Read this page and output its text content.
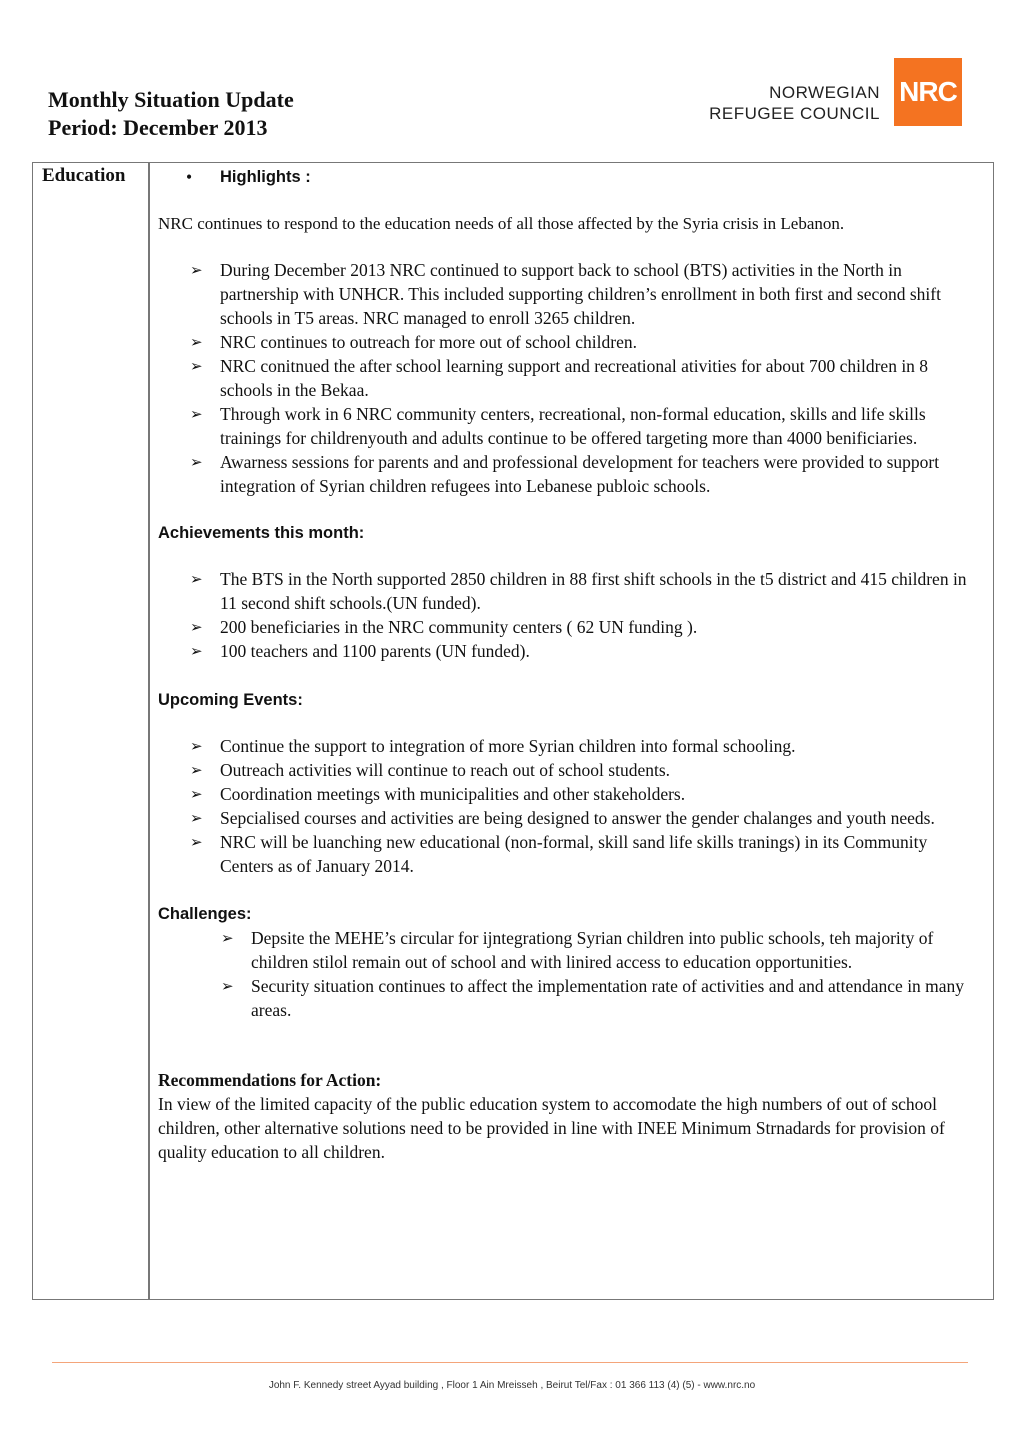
Monthly Situation Update
Period: December 2013
NORWEGIAN
REFUGEE COUNCIL
NRC
Education	•	Highlights :

NRC continues to respond to the education needs of all those affected by the Syria crisis in Lebanon.

➢ During December 2013 NRC continued to support back to school (BTS) activities in the North in partnership with UNHCR. This included supporting children’s enrollment in both first and second shift schools in T5 areas. NRC managed to enroll 3265 children.
➢ NRC continues to outreach for more out of school children.
➢ NRC conitnued the after school learning support and recreational ativities for about 700 children in 8 schools in the Bekaa.
➢ Through work in 6 NRC community centers, recreational, non-formal education, skills and life skills trainings for childrenyouth and adults continue to be offered targeting more than 4000 benificiaries.
➢ Awarness sessions for parents and and professional development for teachers were provided to support integration of Syrian children refugees into Lebanese publoic schools.

Achievements this month:

➢ The BTS in the North supported 2850 children in 88 first shift schools in the t5 district and 415 children in 11 second shift schools.(UN funded).
➢ 200 beneficiaries in the NRC community centers ( 62 UN funding ).
➢ 100 teachers and 1100 parents (UN funded).

Upcoming Events:

➢ Continue the support to integration of more Syrian children into formal schooling.
➢ Outreach activities will continue to reach out of school students.
➢ Coordination meetings with municipalities and other stakeholders.
➢ Sepcialised courses and activities are being designed to answer the gender chalanges and youth needs.
➢ NRC will be luanching new educational (non-formal, skill sand life skills tranings) in its Community Centers as of January 2014.

Challenges:

➢ Depsite the MEHE’s circular for ijntegrationg Syrian children into public schools, teh majority of children stilol remain out of school and with linired access to education opportunities.
➢ Security situation continues to affect the implementation rate of activities and and attendance in many areas.

Recommendations for Action:

In view of the limited capacity of the public education system to accomodate the high numbers of out of school children, other alternative solutions need to be provided in line with INEE Minimum Strnadards for provision of quality education to all children.

John F. Kennedy street Ayyad building , Floor 1 Ain Mreisseh , Beirut Tel/Fax : 01 366 113 (4) (5) - www.nrc.no
